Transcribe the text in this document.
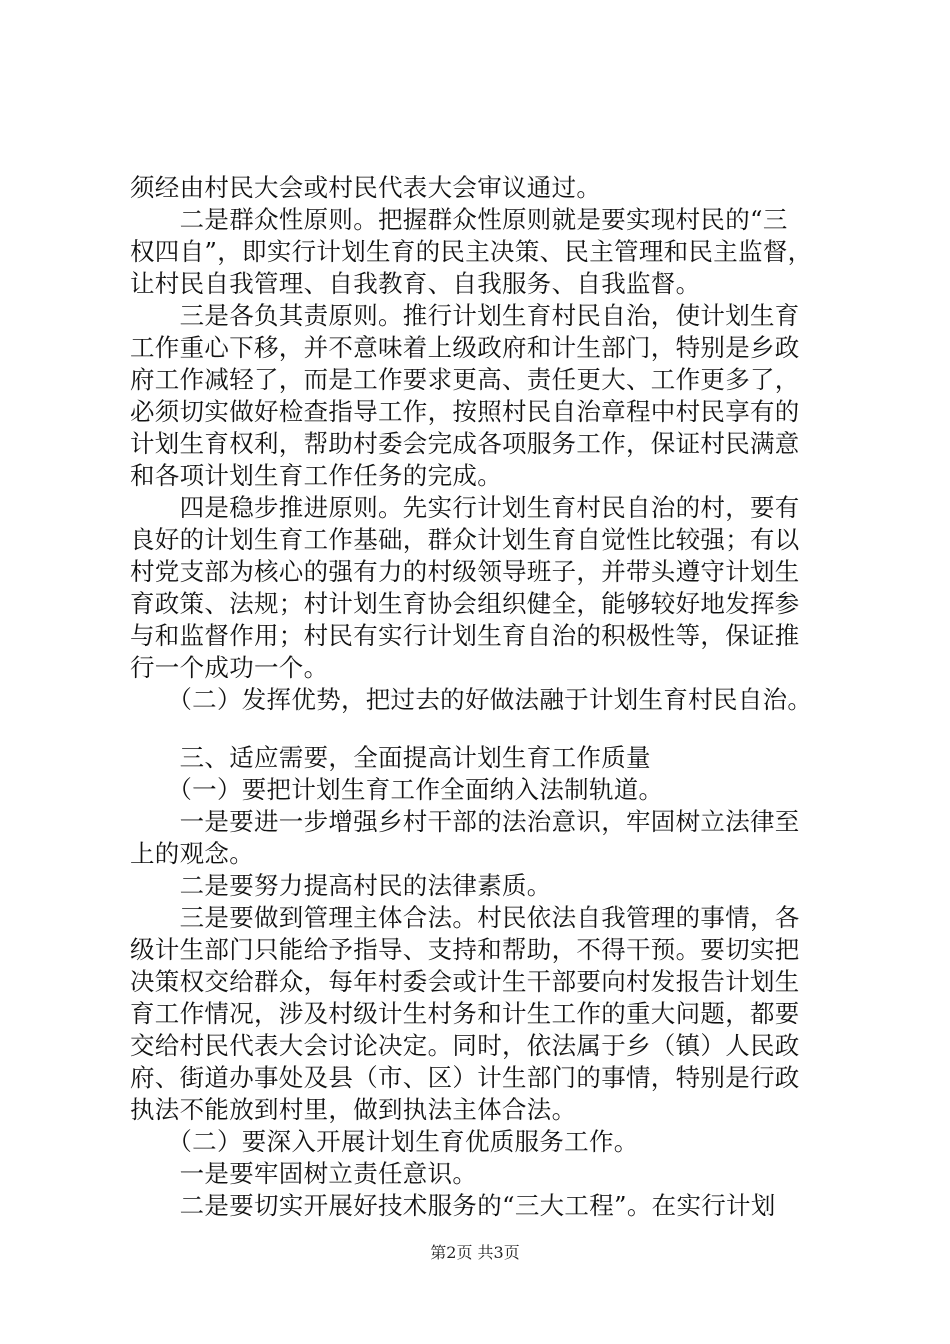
须经由村民大会或村民代表大会审议通过。
　　二是群众性原则。把握群众性原则就是要实现村民的“三
权四自”，即实行计划生育的民主决策、民主管理和民主监督，
让村民自我管理、自我教育、自我服务、自我监督。
　　三是各负其责原则。推行计划生育村民自治，使计划生育
工作重心下移，并不意味着上级政府和计生部门，特别是乡政
府工作减轻了，而是工作要求更高、责任更大、工作更多了，
必须切实做好检查指导工作，按照村民自治章程中村民享有的
计划生育权利，帮助村委会完成各项服务工作，保证村民满意
和各项计划生育工作任务的完成。
　　四是稳步推进原则。先实行计划生育村民自治的村，要有
良好的计划生育工作基础，群众计划生育自觉性比较强；有以
村党支部为核心的强有力的村级领导班子，并带头遵守计划生
育政策、法规；村计划生育协会组织健全，能够较好地发挥参
与和监督作用；村民有实行计划生育自治的积极性等，保证推
行一个成功一个。
　　（二）发挥优势，把过去的好做法融于计划生育村民自治。
　　三、适应需要，全面提高计划生育工作质量
　　（一）要把计划生育工作全面纳入法制轨道。
　　一是要进一步增强乡村干部的法治意识，牢固树立法律至
上的观念。
　　二是要努力提高村民的法律素质。
　　三是要做到管理主体合法。村民依法自我管理的事情，各
级计生部门只能给予指导、支持和帮助，不得干预。要切实把
决策权交给群众，每年村委会或计生干部要向村发报告计划生
育工作情况，涉及村级计生村务和计生工作的重大问题，都要
交给村民代表大会讨论决定。同时，依法属于乡（镇）人民政
府、街道办事处及县（市、区）计生部门的事情，特别是行政
执法不能放到村里，做到执法主体合法。
　　（二）要深入开展计划生育优质服务工作。
　　一是要牢固树立责任意识。
　　二是要切实开展好技术服务的“三大工程”。在实行计划
第2页 共3页
